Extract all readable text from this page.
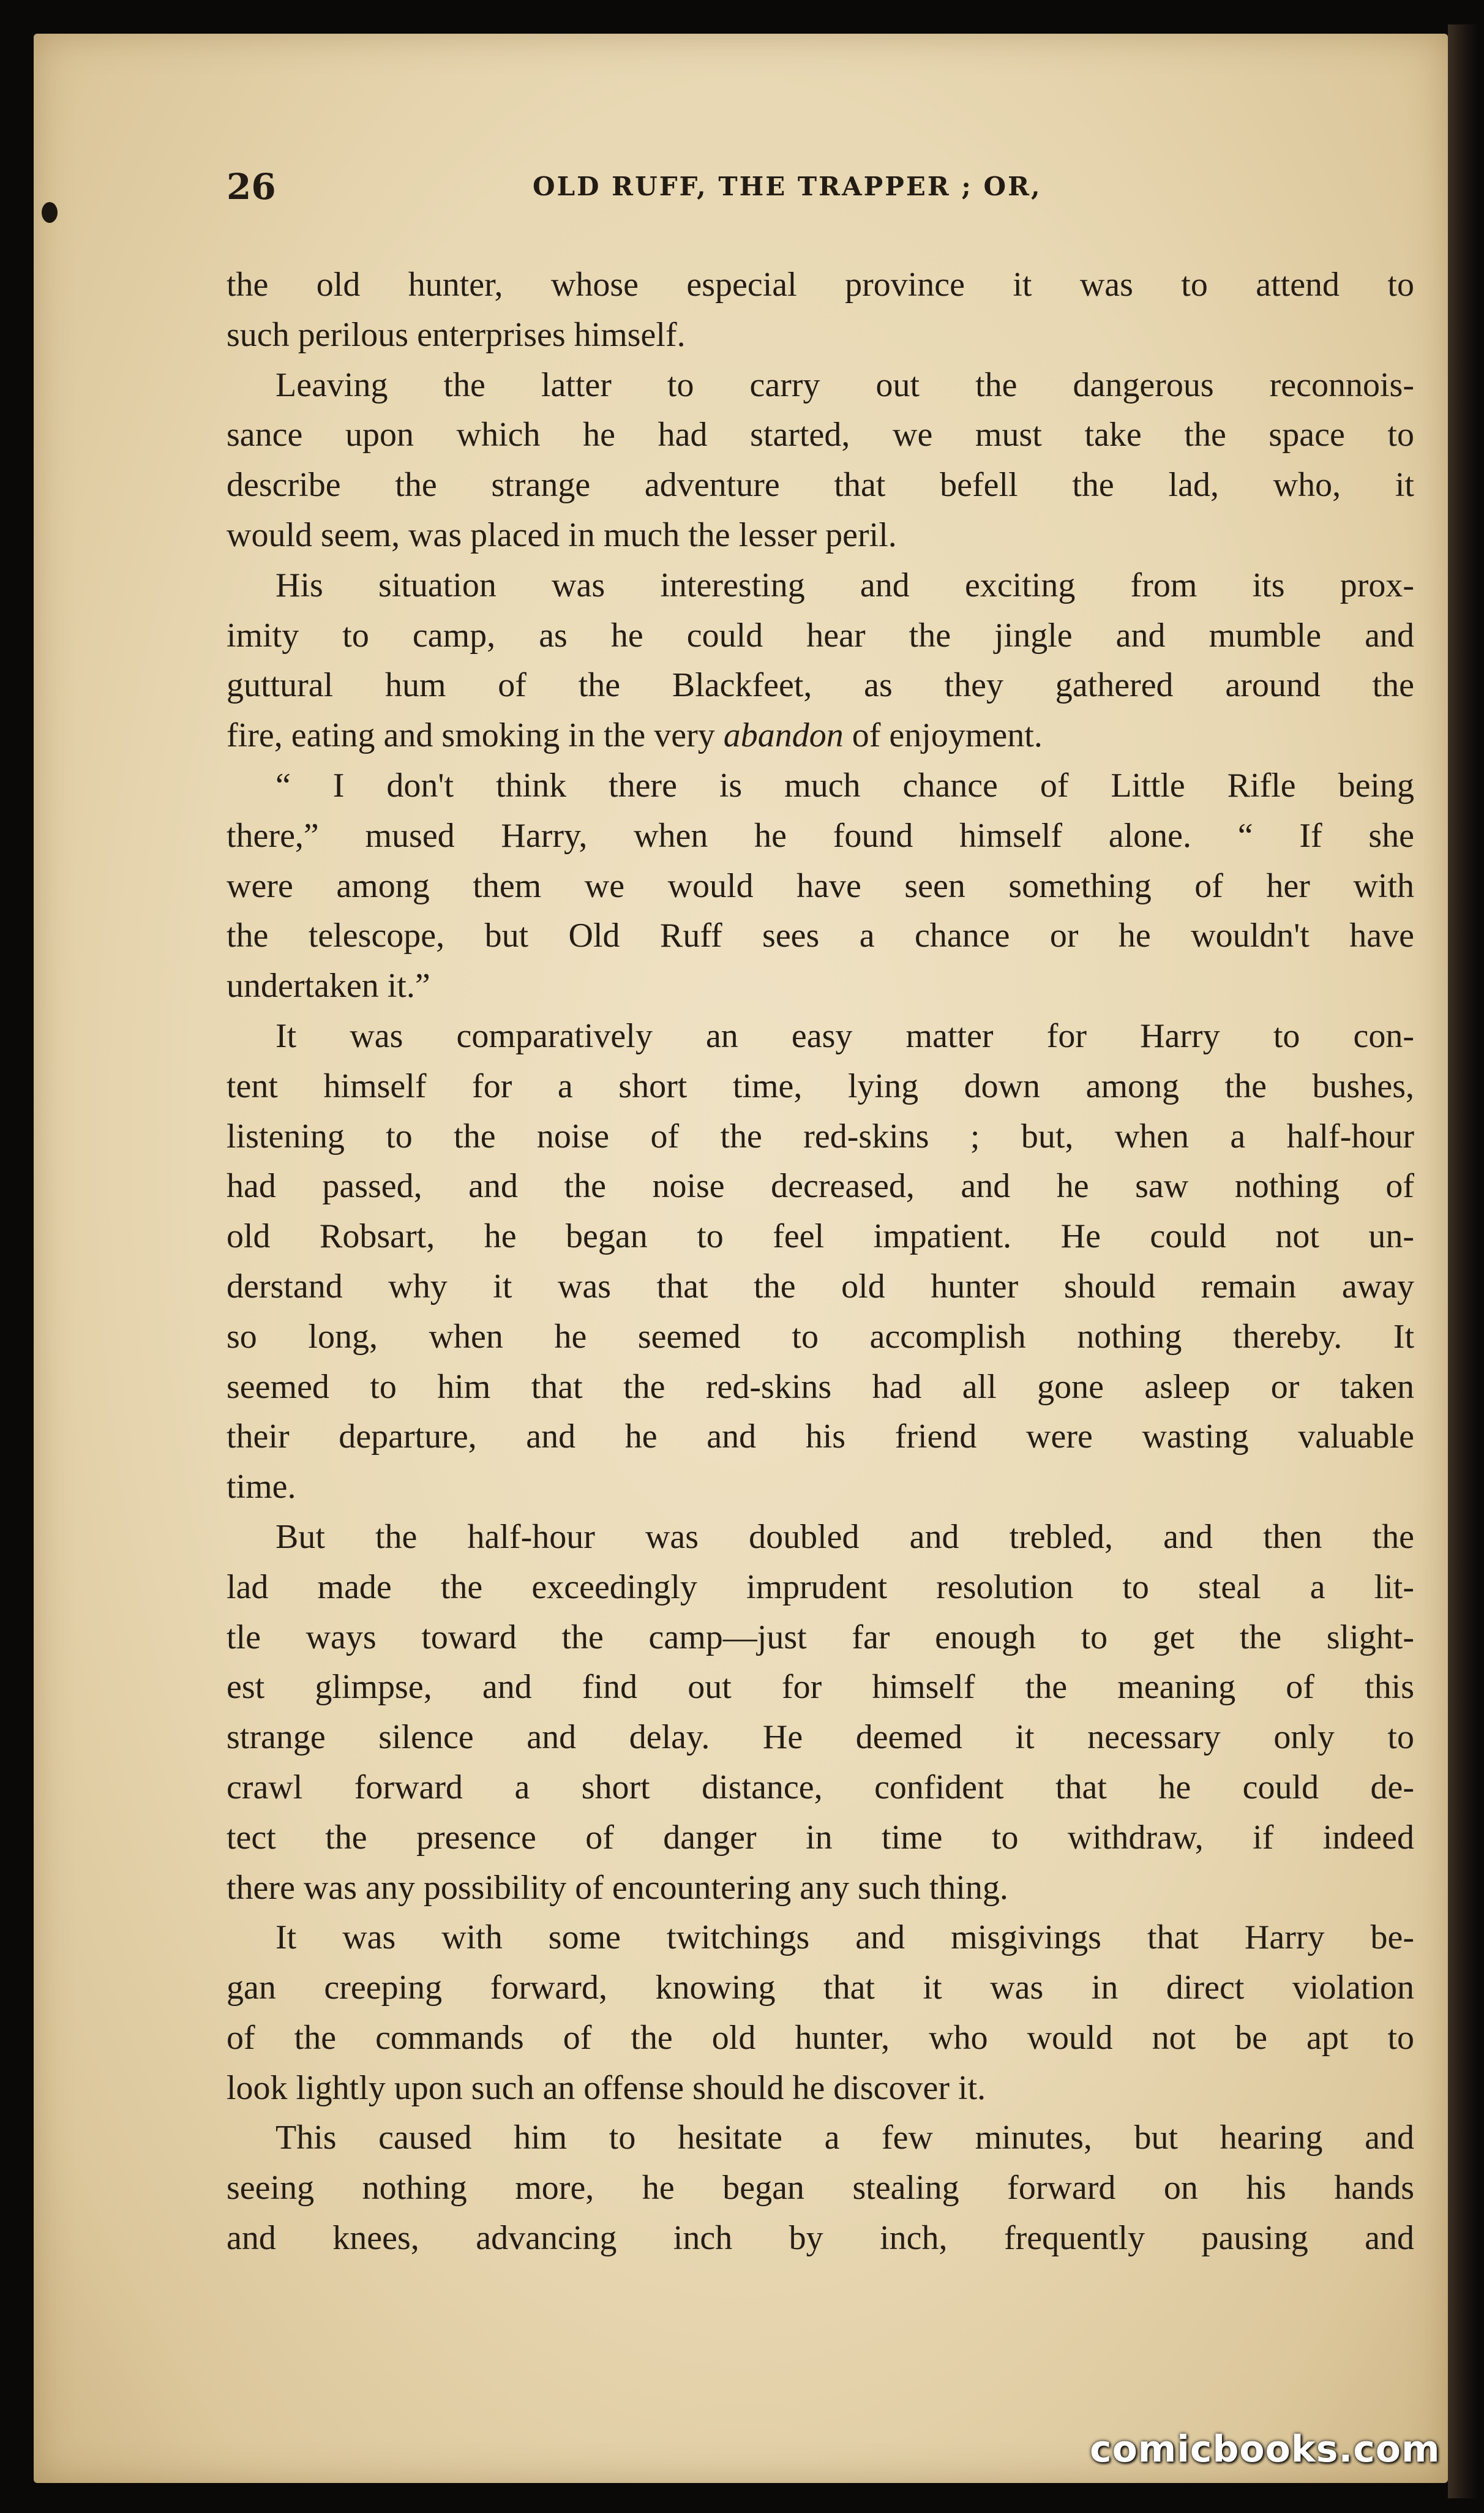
26	OLD RUFF, THE TRAPPER ; OR,
the old hunter, whose especial province it was to attend to
such perilous enterprises himself.
Leaving the latter to carry out the dangerous reconnois-
sance upon which he had started, we must take the space to
describe the strange adventure that befell the lad, who, it
would seem, was placed in much the lesser peril.
His situation was interesting and exciting from its prox-
imity to camp, as he could hear the jingle and mumble and
guttural hum of the Blackfeet, as they gathered around the
fire, eating and smoking in the very abandon of enjoyment.
“ I don't think there is much chance of Little Rifle being
there,” mused Harry, when he found himself alone. “ If she
were among them we would have seen something of her with
the telescope, but Old Ruff sees a chance or he wouldn't have
undertaken it.”
It was comparatively an easy matter for Harry to con-
tent himself for a short time, lying down among the bushes,
listening to the noise of the red-skins ; but, when a half-hour
had passed, and the noise decreased, and he saw nothing of
old Robsart, he began to feel impatient. He could not un-
derstand why it was that the old hunter should remain away
so long, when he seemed to accomplish nothing thereby. It
seemed to him that the red-skins had all gone asleep or taken
their departure, and he and his friend were wasting valuable
time.
But the half-hour was doubled and trebled, and then the
lad made the exceedingly imprudent resolution to steal a lit-
tle ways toward the camp—just far enough to get the slight-
est glimpse, and find out for himself the meaning of this
strange silence and delay. He deemed it necessary only to
crawl forward a short distance, confident that he could de-
tect the presence of danger in time to withdraw, if indeed
there was any possibility of encountering any such thing.
It was with some twitchings and misgivings that Harry be-
gan creeping forward, knowing that it was in direct violation
of the commands of the old hunter, who would not be apt to
look lightly upon such an offense should he discover it.
This caused him to hesitate a few minutes, but hearing and
seeing nothing more, he began stealing forward on his hands
and knees, advancing inch by inch, frequently pausing and
comicbooks.com
